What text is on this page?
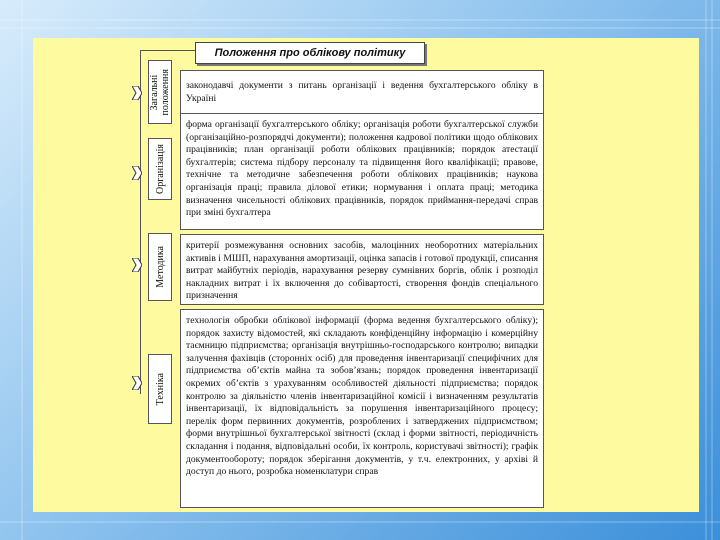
Положення про облікову політику
Загальні
положення	законодавчі документи з питань організації і ведення бухгалтерського обліку в Україні
Організація
форма організації бухгалтерського обліку; організація роботи бухгалтерської служби (організаційно-розпорядчі документи); положення кадрової політики щодо облікових працівників; план організації роботи облікових працівників; порядок атестації бухгалтерів; система підбору персоналу та підвищення його кваліфікації; правове, технічне та методичне забезпечення роботи облікових працівників; наукова організація праці; правила ділової етики; нормування і оплата праці; методика визначення чисельності облікових працівників, порядок приймання-передачі справ при зміні бухгалтера
Методика
критерії розмежування основних засобів, малоцінних необоротних матеріальних активів і МШП, нарахування амортизації, оцінка запасів і готової продукції, списання витрат майбутніх періодів, нарахування резерву сумнівних боргів, облік і розподіл накладних витрат і їх включення до собівартості, створення фондів спеціального призначення
Техніка
технологія обробки облікової інформації (форма ведення бухгалтерського обліку); порядок захисту відомостей, які складають конфіденційну інформацію і комерційну таємницю підприємства; організація внутрішньо-господарського контролю; випадки залучення фахівців (сторонніх осіб) для проведення інвентаризації специфічних для підприємства об’єктів майна та зобов’язань; порядок проведення інвентаризації окремих об’єктів з урахуванням особливостей діяльності підприємства; порядок контролю за діяльністю членів інвентаризаційної комісії і визначенням результатів інвентаризації, їх відповідальність за порушення інвентаризаційного процесу; перелік форм первинних документів, розроблених і затверджених підприємством; форми внутрішньої бухгалтерської звітності (склад і форми звітності, періодичність складання і подання, відповідальні особи, їх контроль, користувачі звітності); графік документообороту; порядок зберігання документів, у т.ч. електронних, у архіві й доступ до нього, розробка номенклатури справ
